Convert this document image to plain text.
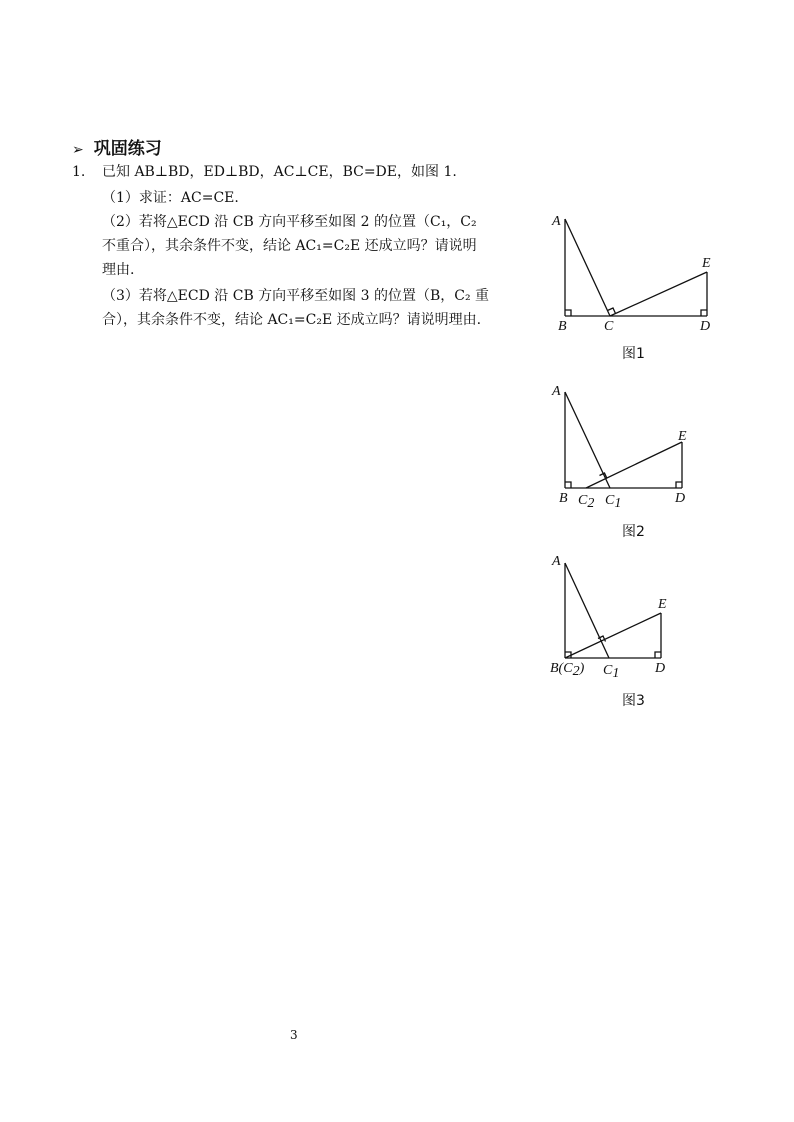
➢ 巩固练习
1. 已知 AB⊥BD，ED⊥BD，AC⊥CE，BC=DE，如图 1.
（1）求证：AC=CE.
（2）若将△ECD 沿 CB 方向平移至如图 2 的位置（C₁，C₂
不重合），其余条件不变，结论 AC₁=C₂E 还成立吗？请说明
理由.
（3）若将△ECD 沿 CB 方向平移至如图 3 的位置（B，C₂ 重
合），其余条件不变，结论 AC₁=C₂E 还成立吗？请说明理由.
A
B	C	D
E
图1
A
B C2 C1	D
E
图2
A
B(C2) C1	D
E
图3
3
